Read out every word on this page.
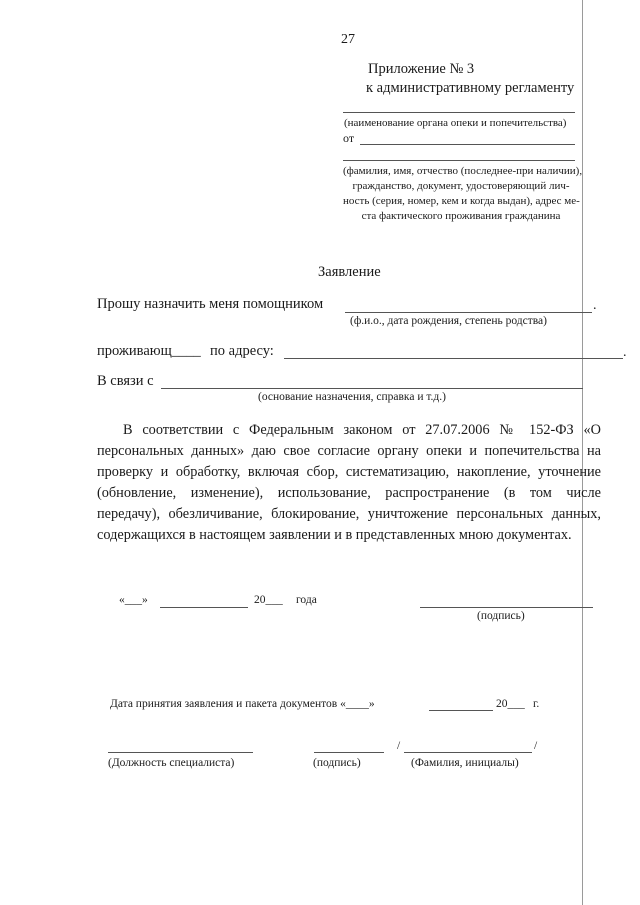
27
Приложение № 3
к административному регламенту
(наименование органа опеки и попечительства)
от
(фамилия, имя, отчество (последнее-при наличии),
гражданство, документ, удостоверяющий лич-
ность (серия, номер, кем и когда выдан), адрес ме-
ста фактического проживания гражданина
Заявление
Прошу назначить меня помощником	.
(ф.и.о., дата рождения, степень родства)
проживающ____ по адресу:	.
В связи с
(основание назначения, справка и т.д.)
В соответствии с Федеральным законом от 27.07.2006 № 152-ФЗ «О персональных данных» даю свое согласие органу опеки и попечительства на проверку и обработку, включая сбор, систематизацию, накопление, уточнение (обновление, изменение), использование, распространение (в том числе передачу), обезличивание, блокирование, уничтожение персональных данных, содержащихся в настоящем заявлении и в представленных мною документах.
«___»	20___ года
(подпись)
Дата принятия заявления и пакета документов «____»	20___ г.
/	/
(Должность специалиста)	(подпись)	(Фамилия, инициалы)
